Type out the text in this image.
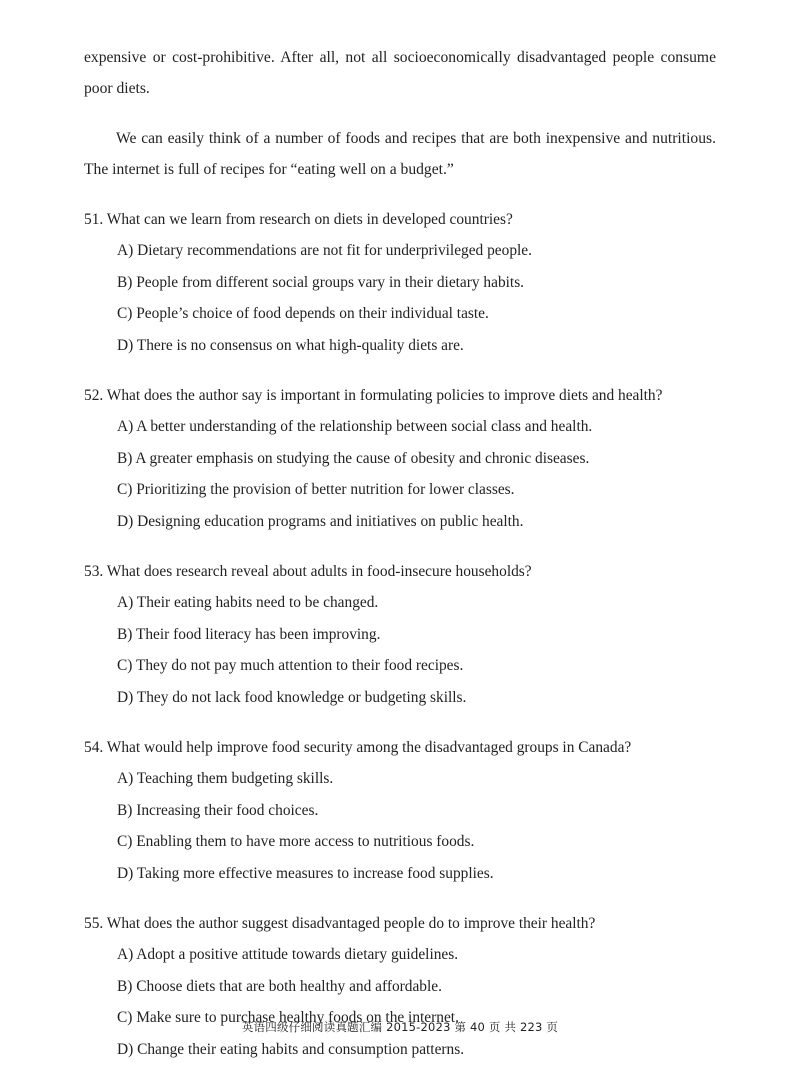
expensive or cost-prohibitive. After all, not all socioeconomically disadvantaged people consume poor diets.

We can easily think of a number of foods and recipes that are both inexpensive and nutritious. The internet is full of recipes for “eating well on a budget.”

51. What can we learn from research on diets in developed countries?

A) Dietary recommendations are not fit for underprivileged people.

B) People from different social groups vary in their dietary habits.

C) People’s choice of food depends on their individual taste.

D) There is no consensus on what high-quality diets are.

52. What does the author say is important in formulating policies to improve diets and health?

A) A better understanding of the relationship between social class and health.

B) A greater emphasis on studying the cause of obesity and chronic diseases.

C) Prioritizing the provision of better nutrition for lower classes.

D) Designing education programs and initiatives on public health.

53. What does research reveal about adults in food-insecure households?

A) Their eating habits need to be changed.

B) Their food literacy has been improving.

C) They do not pay much attention to their food recipes.

D) They do not lack food knowledge or budgeting skills.

54. What would help improve food security among the disadvantaged groups in Canada?

A) Teaching them budgeting skills.

B) Increasing their food choices.

C) Enabling them to have more access to nutritious foods.

D) Taking more effective measures to increase food supplies.

55. What does the author suggest disadvantaged people do to improve their health?

A) Adopt a positive attitude towards dietary guidelines.

B) Choose diets that are both healthy and affordable.

C) Make sure to purchase healthy foods on the internet.

D) Change their eating habits and consumption patterns.

英语四级仔细阅读真题汇编 2015-2023 第 40 页 共 223 页
